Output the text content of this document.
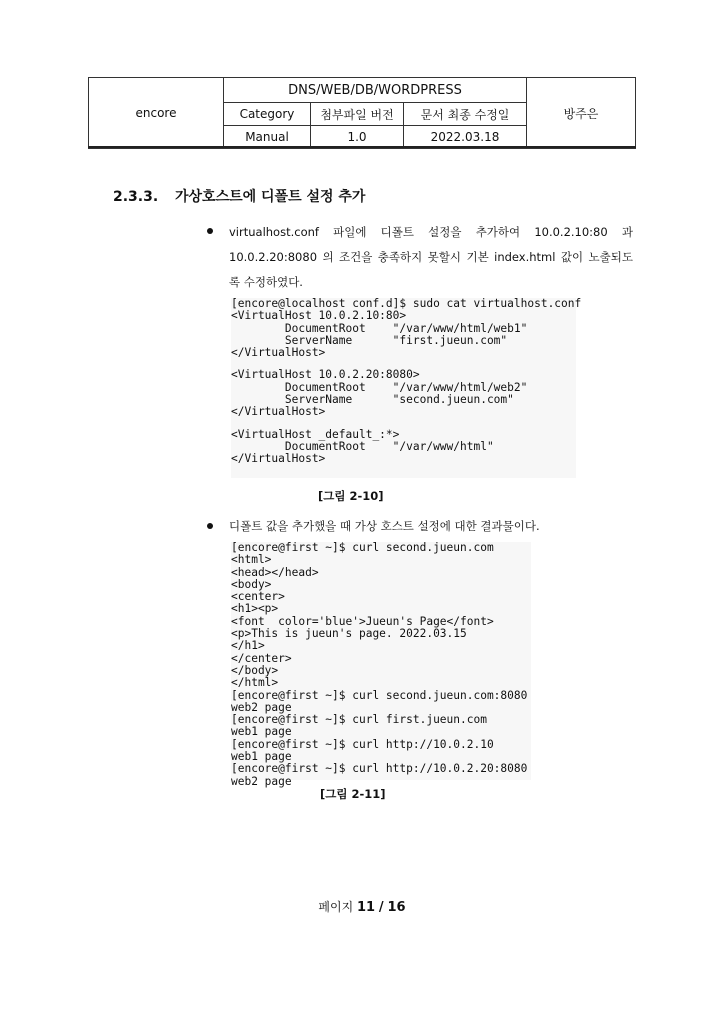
encore	DNS/WEB/DB/WORDPRESS			방주은
	Category	첨부파일 버전	문서 최종 수정일	
	Manual	1.0	2022.03.18	
2.3.3. 가상호스트에 디폴트 설정 추가
virtualhost.conf 파일에 디폴트 설정을 추가하여 10.0.2.10:80 과
10.0.2.20:8080 의 조건을 충족하지 못할시 기본 index.html 값이 노출되도
록 수정하였다.
[encore@localhost conf.d]$ sudo cat virtualhost.conf
<VirtualHost 10.0.2.10:80>
DocumentRoot    "/var/www/html/web1"
ServerName      "first.jueun.com"
</VirtualHost>
<VirtualHost 10.0.2.20:8080>
DocumentRoot    "/var/www/html/web2"
ServerName      "second.jueun.com"
</VirtualHost>
<VirtualHost _default_:*>
DocumentRoot    "/var/www/html"
</VirtualHost>
[그림 2-10]
디폴트 값을 추가했을 때 가상 호스트 설정에 대한 결과물이다.
[encore@first ~]$ curl second.jueun.com
<html>
<head></head>
<body>
<center>
<h1><p>
<font  color='blue'>Jueun's Page</font>
<p>This is jueun's page. 2022.03.15
</h1>
</center>
</body>
</html>
[encore@first ~]$ curl second.jueun.com:8080
web2 page
[encore@first ~]$ curl first.jueun.com
web1 page
[encore@first ~]$ curl http://10.0.2.10
web1 page
[encore@first ~]$ curl http://10.0.2.20:8080
web2 page
[그림 2-11]
페이지 11 / 16
